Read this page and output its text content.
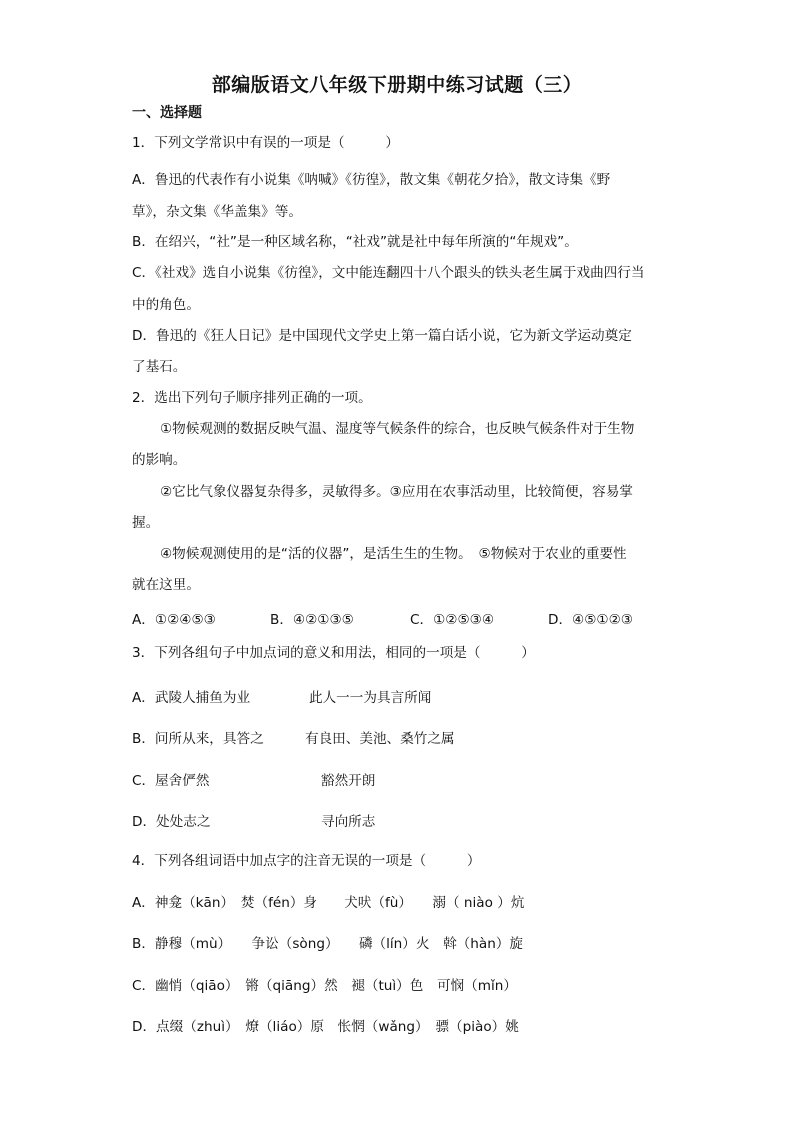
部编版语文八年级下册期中练习试题（三）
一、选择题
1．下列文学常识中有误的一项是（　　　）
A．鲁迅的代表作有小说集《呐喊》《彷徨》，散文集《朝花夕拾》，散文诗集《野
草》，杂文集《华盖集》等。
B．在绍兴，“社”是一种区域名称，“社戏”就是社中每年所演的“年规戏”。
C．《社戏》选自小说集《彷徨》，文中能连翻四十八个跟头的铁头老生属于戏曲四行当
中的角色。
D．鲁迅的《狂人日记》是中国现代文学史上第一篇白话小说，它为新文学运动奠定
了基石。
2．选出下列句子顺序排列正确的一项。
①物候观测的数据反映气温、湿度等气候条件的综合，也反映气候条件对于生物
的影响。
②它比气象仪器复杂得多，灵敏得多。③应用在农事活动里，比较简便，容易掌
握。
④物候观测使用的是“活的仪器”，是活生生的生物。　⑤物候对于农业的重要性
就在这里。
A．①②④⑤③	B．④②①③⑤	C．①②⑤③④	D．④⑤①②③
3．下列各组句子中加点词的意义和用法，相同的一项是（　　　）
A．武陵人捕鱼为业	此人一一为具言所闻
B．问所从来，具答之	有良田、美池、桑竹之属
C．屋舍俨然	豁然开朗
D．处处志之	寻向所志
4．下列各组词语中加点字的注音无误的一项是（　　　）
A．神龛（kān）　焚（fén）身　　犬吠（fù）　　溺（ niào ）炕
B．静穆（mù）　　争讼（sòng）　　磷（lín）火　斡（hàn）旋
C．幽悄（qiāo）　锵（qiāng）然　褪（tuì）色　可悯（mǐn）
D．点缀（zhuì）　燎（liáo）原　怅惘（wǎng）　骠（piào）姚
